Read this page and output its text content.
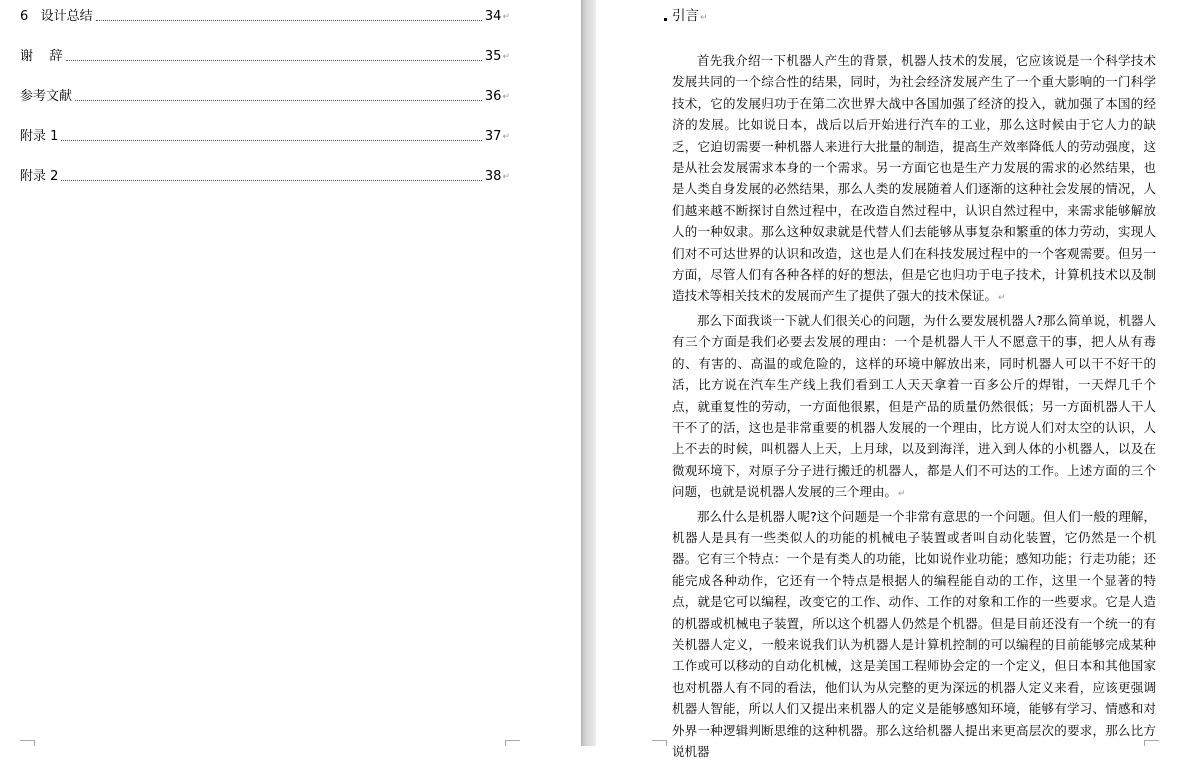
6   设计总结	34 ↵
谢    辞	35 ↵
参考文献	36 ↵
附录 1	37 ↵
附录 2	38 ↵
引言↵

首先我介绍一下机器人产生的背景，机器人技术的发展，它应该说是一个科学技术发展共同的一个综合性的结果，同时，为社会经济发展产生了一个重大影响的一门科学技术，它的发展归功于在第二次世界大战中各国加强了经济的投入，就加强了本国的经济的发展。比如说日本，战后以后开始进行汽车的工业，那么这时候由于它人力的缺乏，它迫切需要一种机器人来进行大批量的制造，提高生产效率降低人的劳动强度，这是从社会发展需求本身的一个需求。另一方面它也是生产力发展的需求的必然结果，也是人类自身发展的必然结果，那么人类的发展随着人们逐渐的这种社会发展的情况，人们越来越不断探讨自然过程中，在改造自然过程中，认识自然过程中，来需求能够解放人的一种奴隶。那么这种奴隶就是代替人们去能够从事复杂和繁重的体力劳动，实现人们对不可达世界的认识和改造，这也是人们在科技发展过程中的一个客观需要。但另一方面，尽管人们有各种各样的好的想法，但是它也归功于电子技术，计算机技术以及制造技术等相关技术的发展而产生了提供了强大的技术保证。↵

那么下面我谈一下就人们很关心的问题，为什么要发展机器人?那么简单说，机器人有三个方面是我们必要去发展的理由：一个是机器人干人不愿意干的事，把人从有毒的、有害的、高温的或危险的，这样的环境中解放出来，同时机器人可以干不好干的活，比方说在汽车生产线上我们看到工人天天拿着一百多公斤的焊钳，一天焊几千个点，就重复性的劳动，一方面他很累，但是产品的质量仍然很低；另一方面机器人干人干不了的活，这也是非常重要的机器人发展的一个理由，比方说人们对太空的认识，人上不去的时候，叫机器人上天，上月球，以及到海洋，进入到人体的小机器人，以及在微观环境下，对原子分子进行搬迁的机器人，都是人们不可达的工作。上述方面的三个问题，也就是说机器人发展的三个理由。↵

那么什么是机器人呢?这个问题是一个非常有意思的一个问题。但人们一般的理解，机器人是具有一些类似人的功能的机械电子装置或者叫自动化装置，它仍然是一个机器。它有三个特点：一个是有类人的功能，比如说作业功能；感知功能；行走功能；还能完成各种动作，它还有一个特点是根据人的编程能自动的工作，这里一个显著的特点，就是它可以编程，改变它的工作、动作、工作的对象和工作的一些要求。它是人造的机器或机械电子装置，所以这个机器人仍然是个机器。但是目前还没有一个统一的有关机器人定义，一般来说我们认为机器人是计算机控制的可以编程的目前能够完成某种工作或可以移动的自动化机械，这是美国工程师协会定的一个定义，但日本和其他国家也对机器人有不同的看法，他们认为从完整的更为深远的机器人定义来看，应该更强调机器人智能，所以人们又提出来机器人的定义是能够感知环境，能够有学习、情感和对外界一种逻辑判断思维的这种机器。那么这给机器人提出来更高层次的要求，那么比方说机器
